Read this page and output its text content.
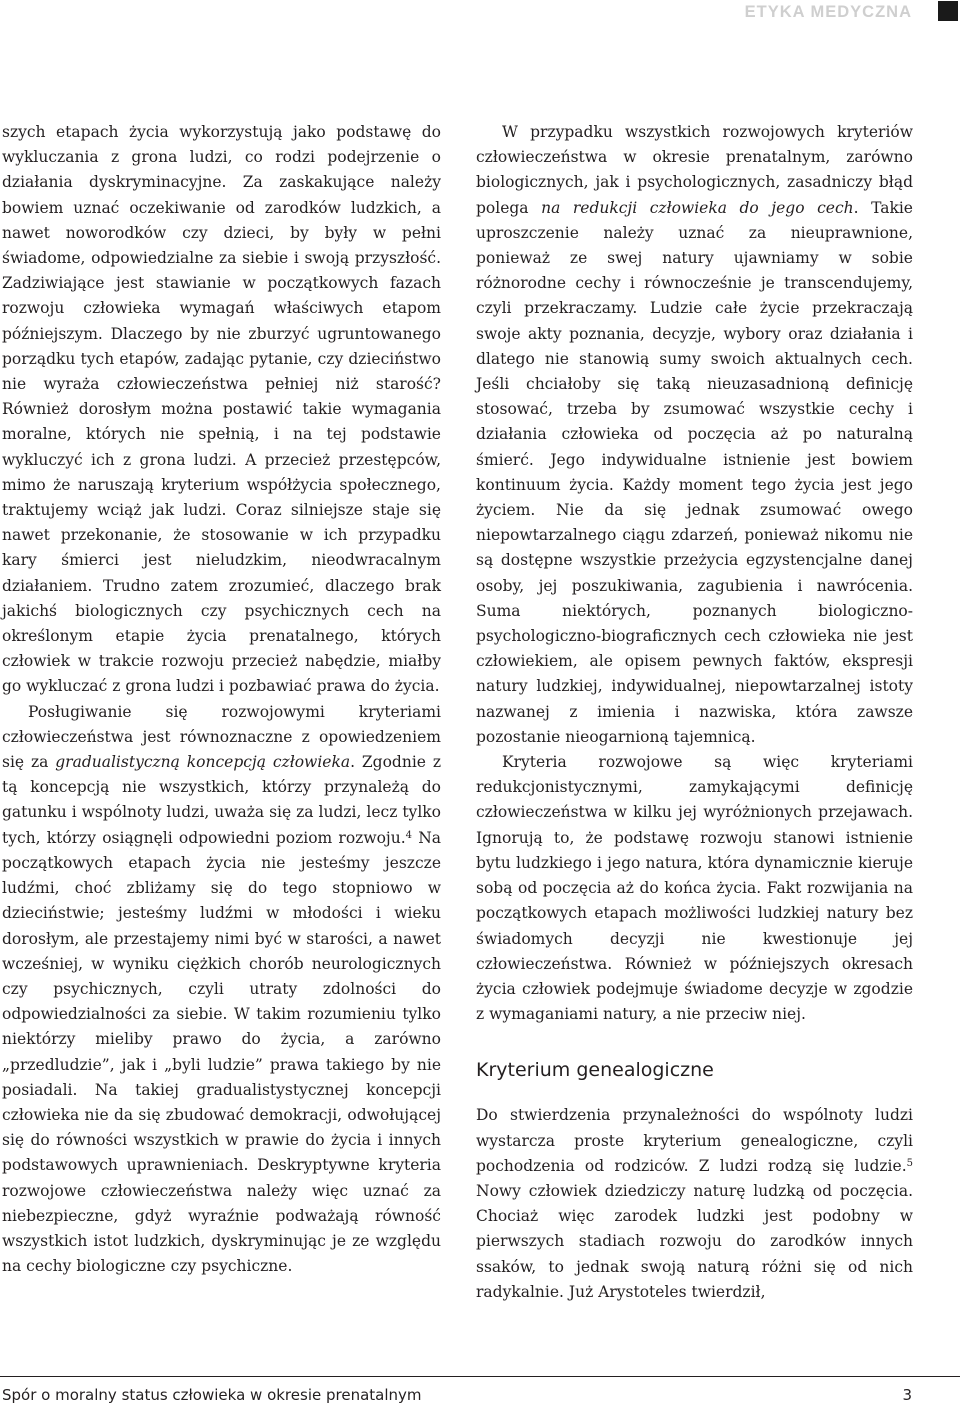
ETYKA MEDYCZNA

szych etapach życia wykorzystują jako podstawę do wykluczania z grona ludzi, co rodzi podejrzenie o działania dyskryminacyjne. Za zaskakujące należy bowiem uznać oczekiwanie od zarodków ludzkich, a nawet noworodków czy dzieci, by były w pełni świadome, odpowiedzialne za siebie i swoją przyszłość. Zadziwiające jest stawianie w początkowych fazach rozwoju człowieka wymagań właściwych etapom późniejszym. Dlaczego by nie zburzyć ugruntowanego porządku tych etapów, zadając pytanie, czy dzieciństwo nie wyraża człowieczeństwa pełniej niż starość? Również dorosłym można postawić takie wymagania moralne, których nie spełnią, i na tej podstawie wykluczyć ich z grona ludzi. A przecież przestępców, mimo że naruszają kryterium współżycia społecznego, traktujemy wciąż jak ludzi. Coraz silniejsze staje się nawet przekonanie, że stosowanie w ich przypadku kary śmierci jest nieludzkim, nieodwracalnym działaniem. Trudno zatem zrozumieć, dlaczego brak jakichś biologicznych czy psychicznych cech na określonym etapie życia prenatalnego, których człowiek w trakcie rozwoju przecież nabędzie, miałby go wykluczać z grona ludzi i pozbawiać prawa do życia.

Posługiwanie się rozwojowymi kryteriami człowieczeństwa jest równoznaczne z opowiedzeniem się za gradualistyczną koncepcją człowieka. Zgodnie z tą koncepcją nie wszystkich, którzy przynależą do gatunku i wspólnoty ludzi, uważa się za ludzi, lecz tylko tych, którzy osiągnęli odpowiedni poziom rozwoju.$^4$ Na początkowych etapach życia nie jesteśmy jeszcze ludźmi, choć zbliżamy się do tego stopniowo w dzieciństwie; jesteśmy ludźmi w młodości i wieku dorosłym, ale przestajemy nimi być w starości, a nawet wcześniej, w wyniku ciężkich chorób neurologicznych czy psychicznych, czyli utraty zdolności do odpowiedzialności za siebie. W takim rozumieniu tylko niektórzy mieliby prawo do życia, a zarówno „przedludzie”, jak i „byli ludzie” prawa takiego by nie posiadali. Na takiej gradualistystycznej koncepcji człowieka nie da się zbudować demokracji, odwołującej się do równości wszystkich w prawie do życia i innych podstawowych uprawnieniach. Deskryptywne kryteria rozwojowe człowieczeństwa należy więc uznać za niebezpieczne, gdyż wyraźnie podważają równość wszystkich istot ludzkich, dyskryminując je ze względu na cechy biologiczne czy psychiczne.

W przypadku wszystkich rozwojowych kryteriów człowieczeństwa w okresie prenatalnym, zarówno biologicznych, jak i psychologicznych, zasadniczy błąd polega na redukcji człowieka do jego cech. Takie uproszczenie należy uznać za nieuprawnione, ponieważ ze swej natury ujawniamy w sobie różnorodne cechy i równocześnie je transcendujemy, czyli przekraczamy. Ludzie całe życie przekraczają swoje akty poznania, decyzje, wybory oraz działania i dlatego nie stanowią sumy swoich aktualnych cech. Jeśli chciałoby się taką nieuzasadnioną definicję stosować, trzeba by zsumować wszystkie cechy i działania człowieka od poczęcia aż po naturalną śmierć. Jego indywidualne istnienie jest bowiem kontinuum życia. Każdy moment tego życia jest jego życiem. Nie da się jednak zsumować owego niepowtarzalnego ciągu zdarzeń, ponieważ nikomu nie są dostępne wszystkie przeżycia egzystencjalne danej osoby, jej poszukiwania, zagubienia i nawrócenia. Suma niektórych, poznanych biologiczno-psychologiczno-biograficznych cech człowieka nie jest człowiekiem, ale opisem pewnych faktów, ekspresji natury ludzkiej, indywidualnej, niepowtarzalnej istoty nazwanej z imienia i nazwiska, która zawsze pozostanie nieogarnioną tajemnicą.

Kryteria rozwojowe są więc kryteriami redukcjonistycznymi, zamykającymi definicję człowieczeństwa w kilku jej wyróżnionych przejawach. Ignorują to, że podstawę rozwoju stanowi istnienie bytu ludzkiego i jego natura, która dynamicznie kieruje sobą od poczęcia aż do końca życia. Fakt rozwijania na początkowych etapach możliwości ludzkiej natury bez świadomych decyzji nie kwestionuje jej człowieczeństwa. Również w późniejszych okresach życia człowiek podejmuje świadome decyzje w zgodzie z wymaganiami natury, a nie przeciw niej.

Kryterium genealogiczne

Do stwierdzenia przynależności do wspólnoty ludzi wystarcza proste kryterium genealogiczne, czyli pochodzenia od rodziców. Z ludzi rodzą się ludzie.$^5$ Nowy człowiek dziedziczy naturę ludzką od poczęcia. Chociaż więc zarodek ludzki jest podobny w pierwszych stadiach rozwoju do zarodków innych ssaków, to jednak swoją naturą różni się od nich radykalnie. Już Arystoteles twierdził,

Spór o moralny status człowieka w okresie prenatalnym	3
